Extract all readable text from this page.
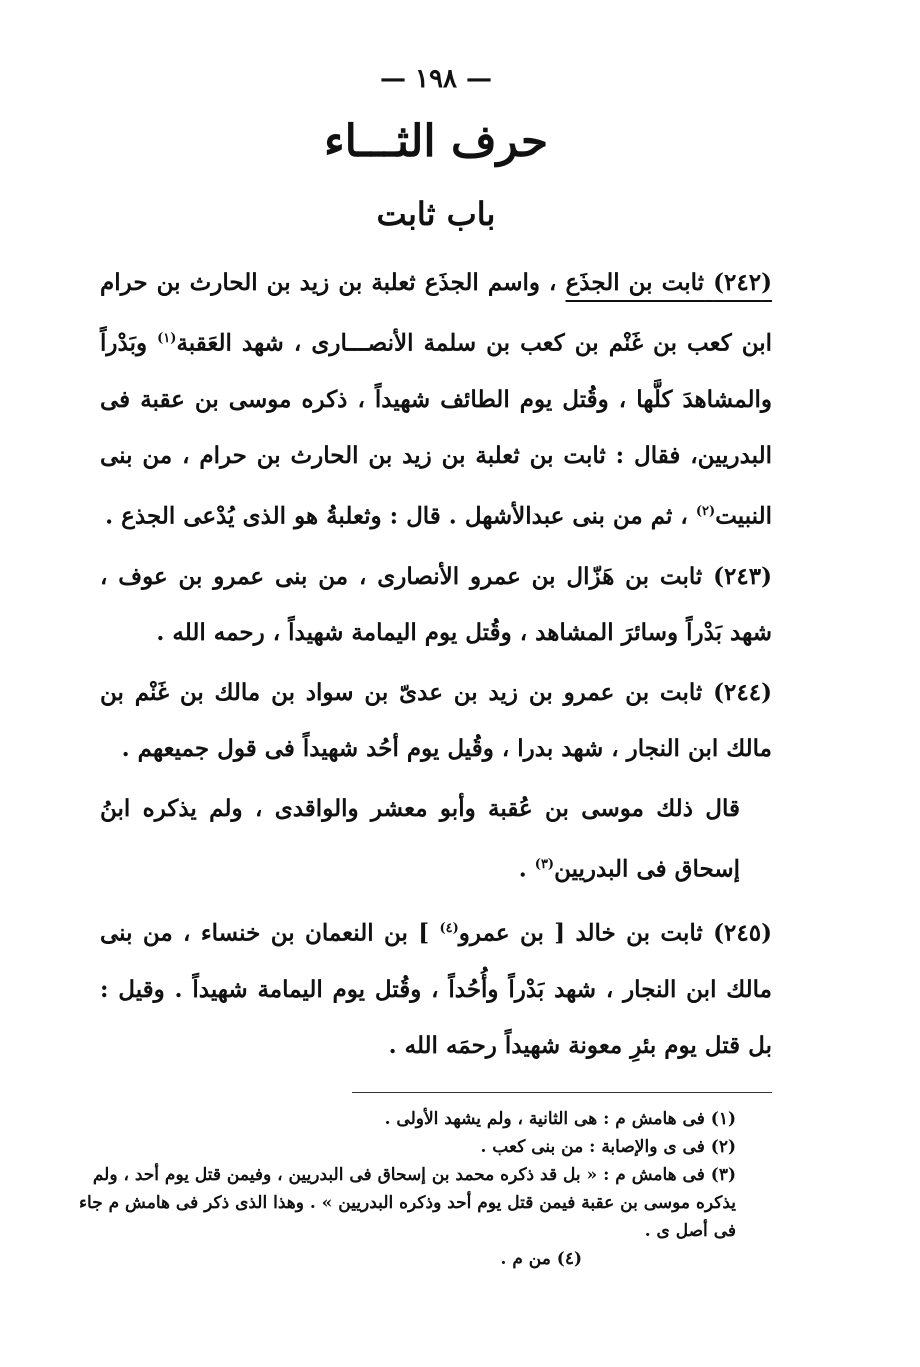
— ١٩٨ —
حرف الثـــاء
باب ثابت

(٢٤٢) ثابت بن الجذَع ، واسم الجذَع ثعلبة بن زيد بن الحارث بن حرام ابن كعب بن غَنْم بن كعب بن سلمة الأنصـــارى ، شهد العَقبة$^{(١)}$ وبَدْراً والمشاهدَ كلَّها ، وقُتل يوم الطائف شهيداً ، ذكره موسى بن عقبة فى البدريين، فقال : ثابت بن ثعلبة بن زيد بن الحارث بن حرام ، من بنى النبيت$^{(٢)}$ ، ثم من بنى عبدالأشهل . قال : وثعلبةُ هو الذى يُدْعى الجذع .

(٢٤٣) ثابت بن هَزّال بن عمرو الأنصارى ، من بنى عمرو بن عوف ، شهد بَدْراً وسائرَ المشاهد ، وقُتل يوم اليمامة شهيداً ، رحمه الله .

(٢٤٤) ثابت بن عمرو بن زيد بن عدىّ بن سواد بن مالك بن غَنْم بن مالك ابن النجار ، شهد بدرا ، وقُيل يوم أحُد شهيداً فى قول جميعهم .

قال ذلك موسى بن عُقبة وأبو معشر والواقدى ، ولم يذكره ابنُ إسحاق فى البدريين$^{(٣)}$ .

(٢٤٥) ثابت بن خالد [ بن عمرو$^{(٤)}$ ] بن النعمان بن خنساء ، من بنى مالك ابن النجار ، شهد بَدْراً وأُحُداً ، وقُتل يوم اليمامة شهيداً . وقيل : بل قتل يوم بئرِ معونة شهيداً رحمَه الله .

(١) فى هامش م : هى الثانية ، ولم يشهد الأولى .

(٢) فى ى والإصابة : من بنى كعب .

(٣) فى هامش م : « بل قد ذكره محمد بن إسحاق فى البدريين ، وفيمن قتل يوم أحد ، ولم يذكره موسى بن عقبة فيمن قتل يوم أحد وذكره البدريين » . وهذا الذى ذكر فى هامش م جاء فى أصل ى .

(٤) من م .
